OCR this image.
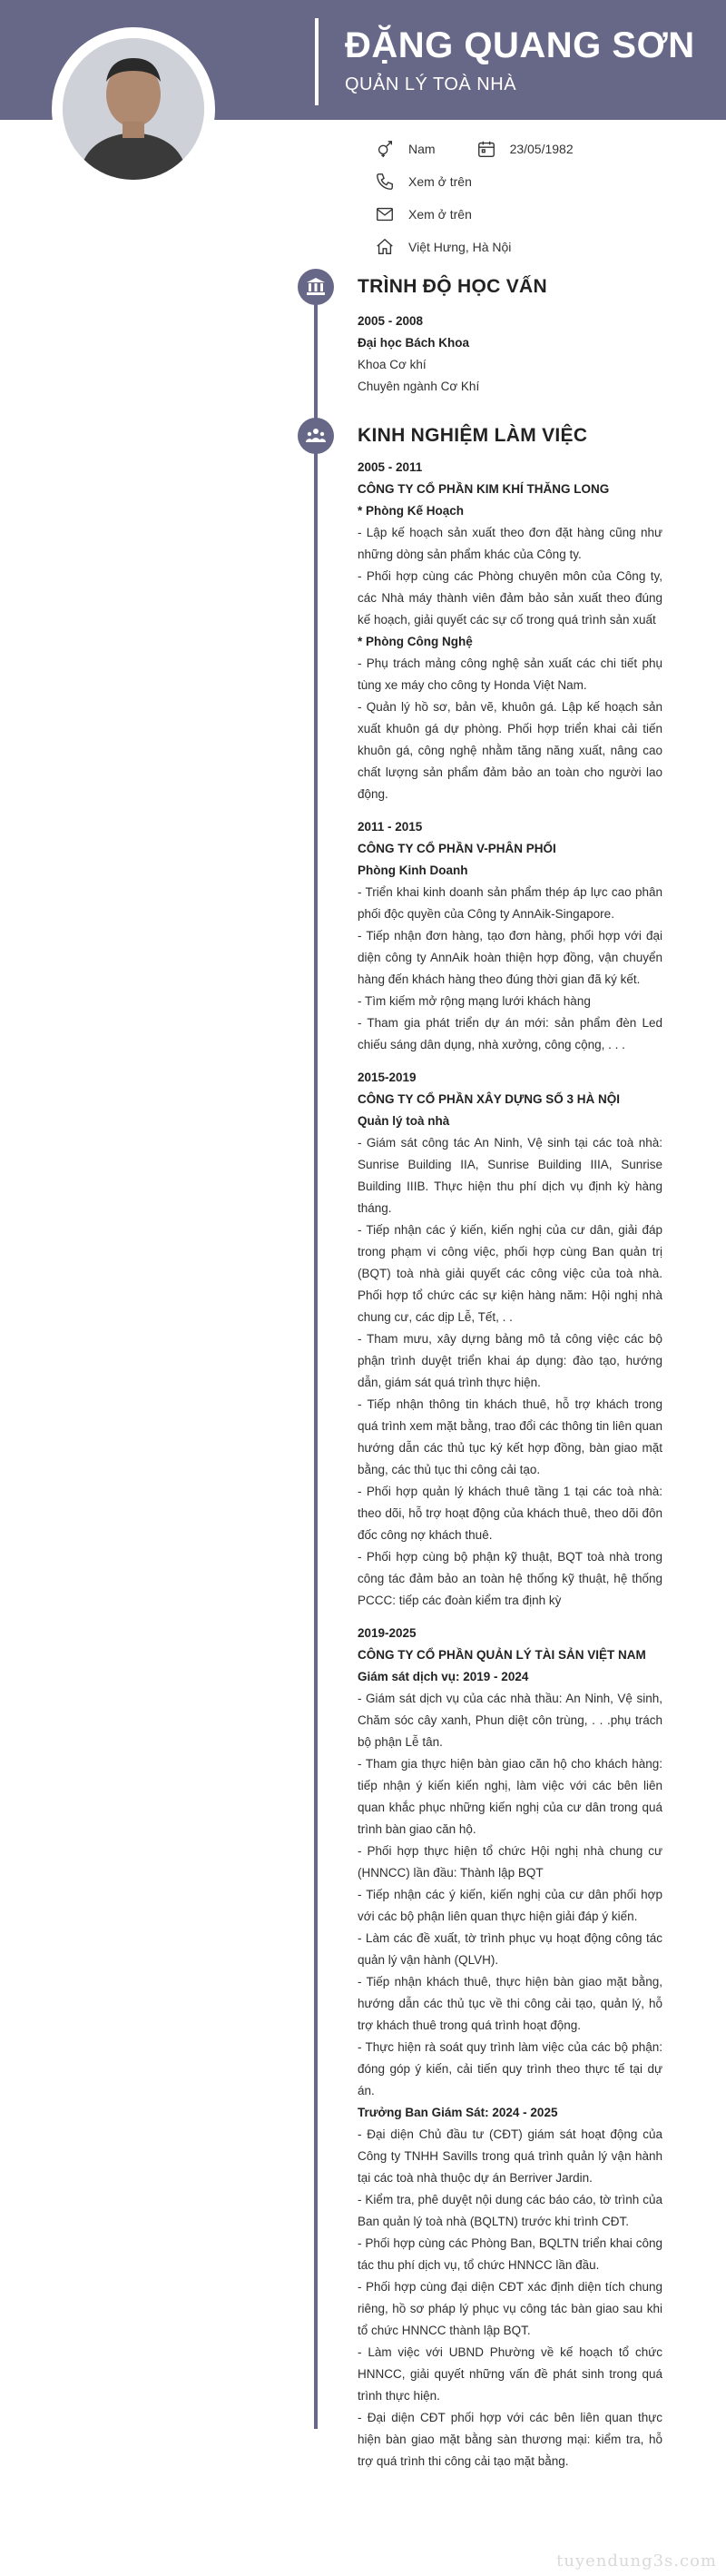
ĐẶNG QUANG SƠN
QUẢN LÝ TOÀ NHÀ
Nam	23/05/1982
Xem ở trên
Xem ở trên
Việt Hưng, Hà Nội
TRÌNH ĐỘ HỌC VẤN
2005 - 2008
Đại học Bách Khoa
Khoa Cơ khí
Chuyên ngành Cơ Khí
KINH NGHIỆM LÀM VIỆC
2005 - 2011
CÔNG TY CỔ PHẦN KIM KHÍ THĂNG LONG
* Phòng Kế Hoạch
- Lập kế hoạch sản xuất theo đơn đặt hàng cũng như những dòng sản phẩm khác của Công ty.
- Phối hợp cùng các Phòng chuyên môn của Công ty, các Nhà máy thành viên đảm bảo sản xuất theo đúng kế hoạch, giải quyết các sự cố trong quá trình sản xuất
* Phòng Công Nghệ
- Phụ trách mảng công nghệ sản xuất các chi tiết phụ tùng xe máy cho công ty Honda Việt Nam.
- Quản lý hồ sơ, bản vẽ, khuôn gá. Lập kế hoạch sản xuất khuôn gá dự phòng. Phối hợp triển khai cải tiến khuôn gá, công nghệ nhằm tăng năng xuất, nâng cao chất lượng sản phẩm đảm bảo an toàn cho người lao động.
2011 - 2015
CÔNG TY CỔ PHẦN V-PHÂN PHỐI
Phòng Kinh Doanh
- Triển khai kinh doanh sản phẩm thép áp lực cao phân phối độc quyền của Công ty AnnAik-Singapore.
- Tiếp nhận đơn hàng, tạo đơn hàng, phối hợp với đại diện công ty AnnAik hoàn thiện hợp đồng, vận chuyển hàng đến khách hàng theo đúng thời gian đã ký kết.
- Tìm kiếm mở rộng mạng lưới khách hàng
- Tham gia phát triển dự án mới: sản phẩm đèn Led chiếu sáng dân dụng, nhà xưởng, công cộng, . . .
2015-2019
CÔNG TY CỔ PHẦN XÂY DỰNG SỐ 3 HÀ NỘI
Quản lý toà nhà
- Giám sát công tác An Ninh, Vệ sinh tại các toà nhà: Sunrise Building IIA, Sunrise Building IIIA, Sunrise Building IIIB. Thực hiện thu phí dịch vụ định kỳ hàng tháng.
- Tiếp nhận các ý kiến, kiến nghị của cư dân, giải đáp trong phạm vi công việc, phối hợp cùng Ban quản trị (BQT) toà nhà giải quyết các công việc của toà nhà. Phối hợp tổ chức các sự kiện hàng năm: Hội nghị nhà chung cư, các dịp Lễ, Tết, . .
- Tham mưu, xây dựng bảng mô tả công việc các bộ phận trình duyệt triển khai áp dụng: đào tạo, hướng dẫn, giám sát quá trình thực hiện.
- Tiếp nhận thông tin khách thuê, hỗ trợ khách trong quá trình xem mặt bằng, trao đổi các thông tin liên quan hướng dẫn các thủ tục ký kết hợp đồng, bàn giao mặt bằng, các thủ tục thi công cải tạo.
- Phối hợp quản lý khách thuê tầng 1 tại các toà nhà: theo dõi, hỗ trợ hoạt động của khách thuê, theo dõi đôn đốc công nợ khách thuê.
- Phối hợp cùng bộ phận kỹ thuật, BQT toà nhà trong công tác đảm bảo an toàn hệ thống kỹ thuật, hệ thống PCCC: tiếp các đoàn kiểm tra định kỳ
2019-2025
CÔNG TY CỔ PHẦN QUẢN LÝ TÀI SẢN VIỆT NAM
Giám sát dịch vụ: 2019 - 2024
- Giám sát dịch vụ của các nhà thầu: An Ninh, Vệ sinh, Chăm sóc cây xanh, Phun diệt côn trùng, . . .phụ trách bộ phận Lễ tân.
- Tham gia thực hiện bàn giao căn hộ cho khách hàng: tiếp nhận ý kiến kiến nghị, làm việc với các bên liên quan khắc phục những kiến nghị của cư dân trong quá trình bàn giao căn hộ.
- Phối hợp thực hiện tổ chức Hội nghị nhà chung cư (HNNCC) lần đầu: Thành lập BQT
- Tiếp nhận các ý kiến, kiến nghị của cư dân phối hợp với các bộ phận liên quan thực hiện giải đáp ý kiến.
- Làm các đề xuất, tờ trình phục vụ hoạt động công tác quản lý vận hành (QLVH).
- Tiếp nhận khách thuê, thực hiện bàn giao mặt bằng, hướng dẫn các thủ tục về thi công cải tạo, quản lý, hỗ trợ khách thuê trong quá trình hoạt động.
- Thực hiện rà soát quy trình làm việc của các bộ phận: đóng góp ý kiến, cải tiến quy trình theo thực tế tại dự án.
Trưởng Ban Giám Sát: 2024 - 2025
- Đại diện Chủ đầu tư (CĐT) giám sát hoạt động của Công ty TNHH Savills trong quá trình quản lý vận hành tại các toà nhà thuộc dự án Berriver Jardin.
- Kiểm tra, phê duyệt nội dung các báo cáo, tờ trình của Ban quản lý toà nhà (BQLTN) trước khi trình CĐT.
- Phối hợp cùng các Phòng Ban, BQLTN triển khai công tác thu phí dịch vụ, tổ chức HNNCC lần đầu.
- Phối hợp cùng đại diện CĐT xác định diện tích chung riêng, hồ sơ pháp lý phục vụ công tác bàn giao sau khi tổ chức HNNCC thành lập BQT.
- Làm việc với UBND Phường về kế hoạch tổ chức HNNCC, giải quyết những vấn đề phát sinh trong quá trình thực hiện.
- Đại diện CĐT phối hợp với các bên liên quan thực hiện bàn giao mặt bằng sàn thương mại: kiểm tra, hỗ trợ quá trình thi công cải tạo mặt bằng.
tuyendung3s.com
